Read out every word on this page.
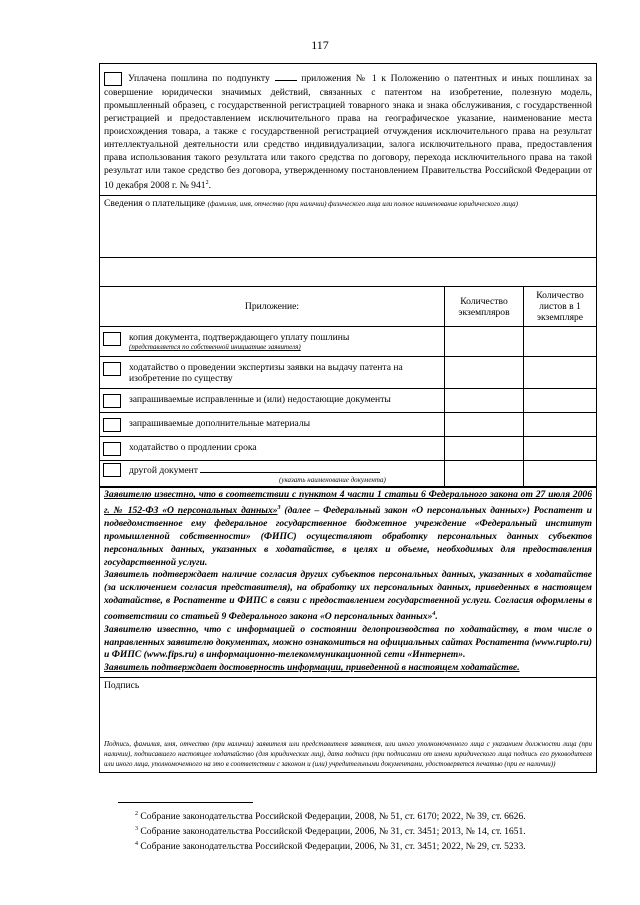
117
Уплачена пошлина по подпункту	приложения № 1 к Положению о патентных и иных пошлинах за совершение юридически значимых действий, связанных с патентом на изобретение, полезную модель, промышленный образец, с государственной регистрацией товарного знака и знака обслуживания, с государственной регистрацией и предоставлением исключительного права на географическое указание, наименование места происхождения товара, а также с государственной регистрацией отчуждения исключительного права на результат интеллектуальной деятельности или средство индивидуализации, залога исключительного права, предоставления права использования такого результата или такого средства по договору, перехода исключительного права на такой результат или такое средство без договора, утвержденному постановлением Правительства Российской Федерации от 10 декабря 2008 г. № $941^2$.
Сведения о плательщике (фамилия, имя, отчество (при наличии) физического лица или полное наименование юридического лица)
Приложение:	Количество экземпляров	Количество листов в 1 экземпляре

копия документа, подтверждающего уплату пошлины
(представляется по собственной инициативе заявителя)		

ходатайство о проведении экспертизы заявки на выдачу патента на изобретение по существу		

запрашиваемые исправленные и (или) недостающие документы		

запрашиваемые дополнительные материалы		

ходатайство о продлении срока		

другой документ
(указать наименование документа)		

Заявителю известно, что в соответствии с пунктом 4 части 1 статьи 6 Федерального закона от 27 июля 2006 г. № 152-ФЗ «О персональных данных»$^3$ (далее – Федеральный закон «О персональных данных») Роспатент и подведомственное ему федеральное государственное бюджетное учреждение «Федеральный институт промышленной собственности» (ФИПС) осуществляют обработку персональных данных субъектов персональных данных, указанных в ходатайстве, в целях и объеме, необходимых для предоставления государственной услуги.

Заявитель подтверждает наличие согласия других субъектов персональных данных, указанных в ходатайстве (за исключением согласия представителя), на обработку их персональных данных, приведенных в настоящем ходатайстве, в Роспатенте и ФИПС в связи с предоставлением государственной услуги. Согласия оформлены в соответствии со статьей 9 Федерального закона «О персональных данных»$^4$.

Заявителю известно, что с информацией о состоянии делопроизводства по ходатайству, в том числе о направленных заявителю документах, можно ознакомиться на официальных сайтах Роспатента (www.rupto.ru) и ФИПС (www.fips.ru) в информационно-телекоммуникационной сети «Интернет».

Заявитель подтверждает достоверность информации, приведенной в настоящем ходатайстве.

Подпись
Подпись, фамилия, имя, отчество (при наличии) заявителя или представителя заявителя, или иного уполномоченного лица с указанием должности лица (при наличии), подписавшего настоящее ходатайство (для юридических лиц), дата подписи (при подписании от имени юридического лица подпись его руководителя или иного лица, уполномоченного на это в соответствии с законом и (или) учредительными документами, удостоверяется печатью (при ее наличии))
$^2$ Собрание законодательства Российской Федерации, 2008, № 51, ст. 6170; 2022, № 39, ст. 6626.
$^3$ Собрание законодательства Российской Федерации, 2006, № 31, ст. 3451; 2013, № 14, ст. 1651.
$^4$ Собрание законодательства Российской Федерации, 2006, № 31, ст. 3451; 2022, № 29, ст. 5233.
